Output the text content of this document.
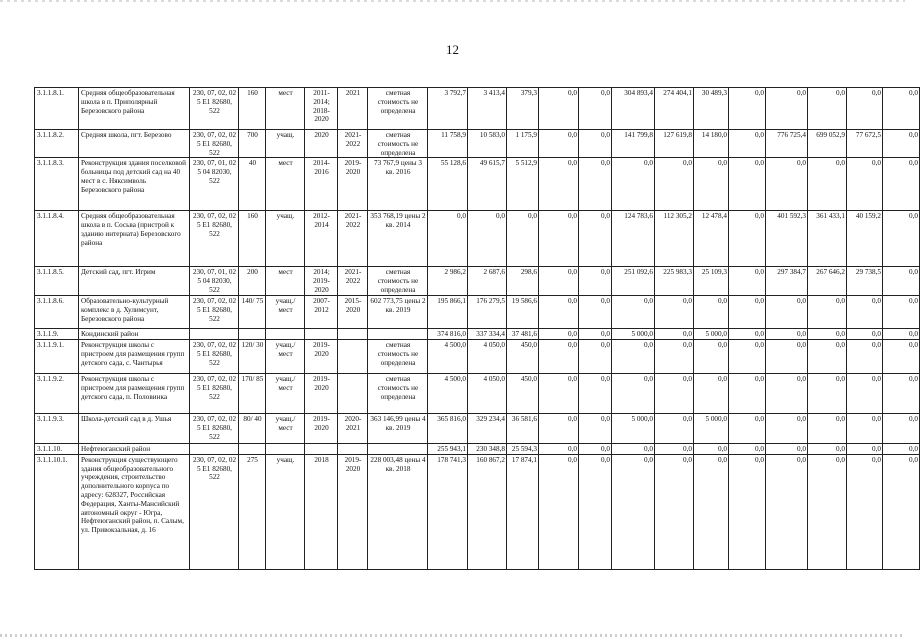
12
3.1.1.8.1.	Средняя общеобразовательная школа в п. Приполярный Березовского района	230, 07, 02, 02 5 E1 82680, 522	160	мест	2011-2014; 2018-2020	2021	сметная стоимость не определена	3 792,7	3 413,4	379,3	0,0	0,0	304 893,4	274 404,1	30 489,3	0,0	0,0	0,0	0,0	0,0
3.1.1.8.2.	Средняя школа, пгт. Березово	230, 07, 02, 02 5 E1 82680, 522	700	учащ.	2020	2021-2022	сметная стоимость не определена	11 758,9	10 583,0	1 175,9	0,0	0,0	141 799,8	127 619,8	14 180,0	0,0	776 725,4	699 052,9	77 672,5	0,0
3.1.1.8.3.	Реконструкция здания поселковой больницы под детский сад на 40 мест в с. Няксимволь Березовского района	230, 07, 01, 02 5 04 82030, 522	40	мест	2014-2016	2019-2020	73 767,9 цены 3 кв. 2016	55 128,6	49 615,7	5 512,9	0,0	0,0	0,0	0,0	0,0	0,0	0,0	0,0	0,0	0,0
3.1.1.8.4.	Средняя общеобразовательная школа в п. Сосьва (пристрой к зданию интерната) Березовского района	230, 07, 02, 02 5 E1 82680, 522	160	учащ.	2012-2014	2021-2022	353 768,19 цены 2 кв. 2014	0,0	0,0	0,0	0,0	0,0	124 783,6	112 305,2	12 478,4	0,0	401 592,3	361 433,1	40 159,2	0,0
3.1.1.8.5.	Детский сад, пгт. Игрим	230, 07, 01, 02 5 04 82030, 522	200	мест	2014; 2019-2020	2021-2022	сметная стоимость не определена	2 986,2	2 687,6	298,6	0,0	0,0	251 092,6	225 983,3	25 109,3	0,0	297 384,7	267 646,2	29 738,5	0,0
3.1.1.8.6.	Образовательно-культурный комплекс в д. Хулимсунт, Березовского района	230, 07, 02, 02 5 E1 82680, 522	140/ 75	учащ./ мест	2007-2012	2015-2020	602 773,75 цены 2 кв. 2019	195 866,1	176 279,5	19 586,6	0,0	0,0	0,0	0,0	0,0	0,0	0,0	0,0	0,0	0,0
3.1.1.9.	Кондинский район							374 816,0	337 334,4	37 481,6	0,0	0,0	5 000,0	0,0	5 000,0	0,0	0,0	0,0	0,0	0,0
3.1.1.9.1.	Реконструкция школы с пристроем для размещения групп детского сада, с. Чантырья	230, 07, 02, 02 5 E1 82680, 522	120/ 30	учащ./ мест	2019-2020		сметная стоимость не определена	4 500,0	4 050,0	450,0	0,0	0,0	0,0	0,0	0,0	0,0	0,0	0,0	0,0	0,0
3.1.1.9.2.	Реконструкция школы с пристроем для размещения групп детского сада, п. Половинка	230, 07, 02, 02 5 E1 82680, 522	170/ 85	учащ./ мест	2019-2020		сметная стоимость не определена	4 500,0	4 050,0	450,0	0,0	0,0	0,0	0,0	0,0	0,0	0,0	0,0	0,0	0,0
3.1.1.9.3.	Школа-детский сад в д. Ушья	230, 07, 02, 02 5 E1 82680, 522	80/ 40	учащ./ мест	2019-2020	2020-2021	363 146,99 цены 4 кв. 2019	365 816,0	329 234,4	36 581,6	0,0	0,0	5 000,0	0,0	5 000,0	0,0	0,0	0,0	0,0	0,0
3.1.1.10.	Нефтеюганский район							255 943,1	230 348,8	25 594,3	0,0	0,0	0,0	0,0	0,0	0,0	0,0	0,0	0,0	0,0
3.1.1.10.1.	Реконструкция существующего здания общеобразовательного учреждения, строительство дополнительного корпуса по адресу: 628327, Российская Федерация, Ханты-Мансийский автономный округ - Югра, Нефтеюганский район, п. Салым, ул. Привокзальная, д. 16	230, 07, 02, 02 5 E1 82680, 522	275	учащ.	2018	2019-2020	228 003,48 цены 4 кв. 2018	178 741,3	160 867,2	17 874,1	0,0	0,0	0,0	0,0	0,0	0,0	0,0	0,0	0,0	0,0
